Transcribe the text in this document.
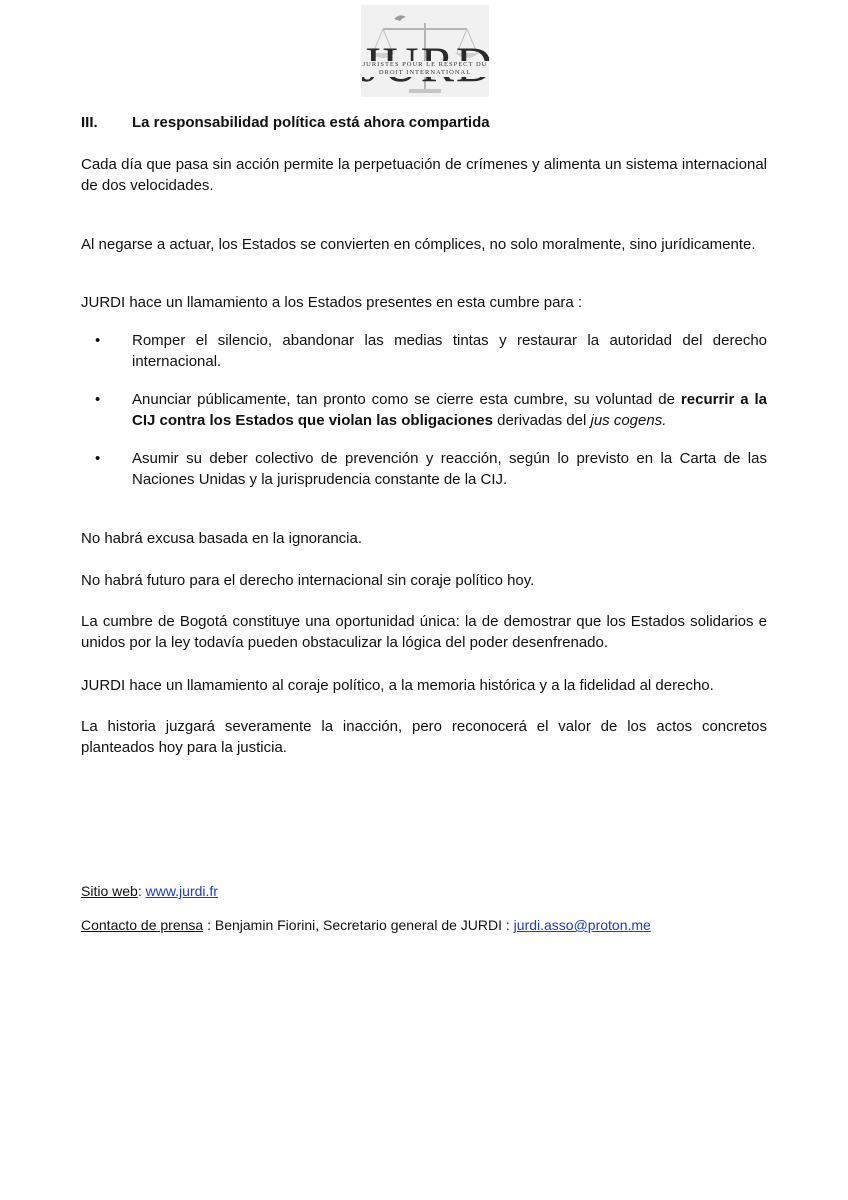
JURISTES POUR LE RESPECT DU
DROIT INTERNATIONAL
III. La responsabilidad política está ahora compartida

Cada día que pasa sin acción permite la perpetuación de crímenes y alimenta un sistema internacional de dos velocidades.

Al negarse a actuar, los Estados se convierten en cómplices, no solo moralmente, sino jurídicamente.

JURDI hace un llamamiento a los Estados presentes en esta cumbre para :

• Romper el silencio, abandonar las medias tintas y restaurar la autoridad del derecho internacional.

• Anunciar públicamente, tan pronto como se cierre esta cumbre, su voluntad de recurrir a la CIJ contra los Estados que violan las obligaciones derivadas del jus cogens.

• Asumir su deber colectivo de prevención y reacción, según lo previsto en la Carta de las Naciones Unidas y la jurisprudencia constante de la CIJ.

No habrá excusa basada en la ignorancia.

No habrá futuro para el derecho internacional sin coraje político hoy.

La cumbre de Bogotá constituye una oportunidad única: la de demostrar que los Estados solidarios e unidos por la ley todavía pueden obstaculizar la lógica del poder desenfrenado.

JURDI hace un llamamiento al coraje político, a la memoria histórica y a la fidelidad al derecho.

La historia juzgará severamente la inacción, pero reconocerá el valor de los actos concretos planteados hoy para la justicia.

Sitio web: www.jurdi.fr
Contacto de prensa : Benjamin Fiorini, Secretario general de JURDI : jurdi.asso@proton.me
